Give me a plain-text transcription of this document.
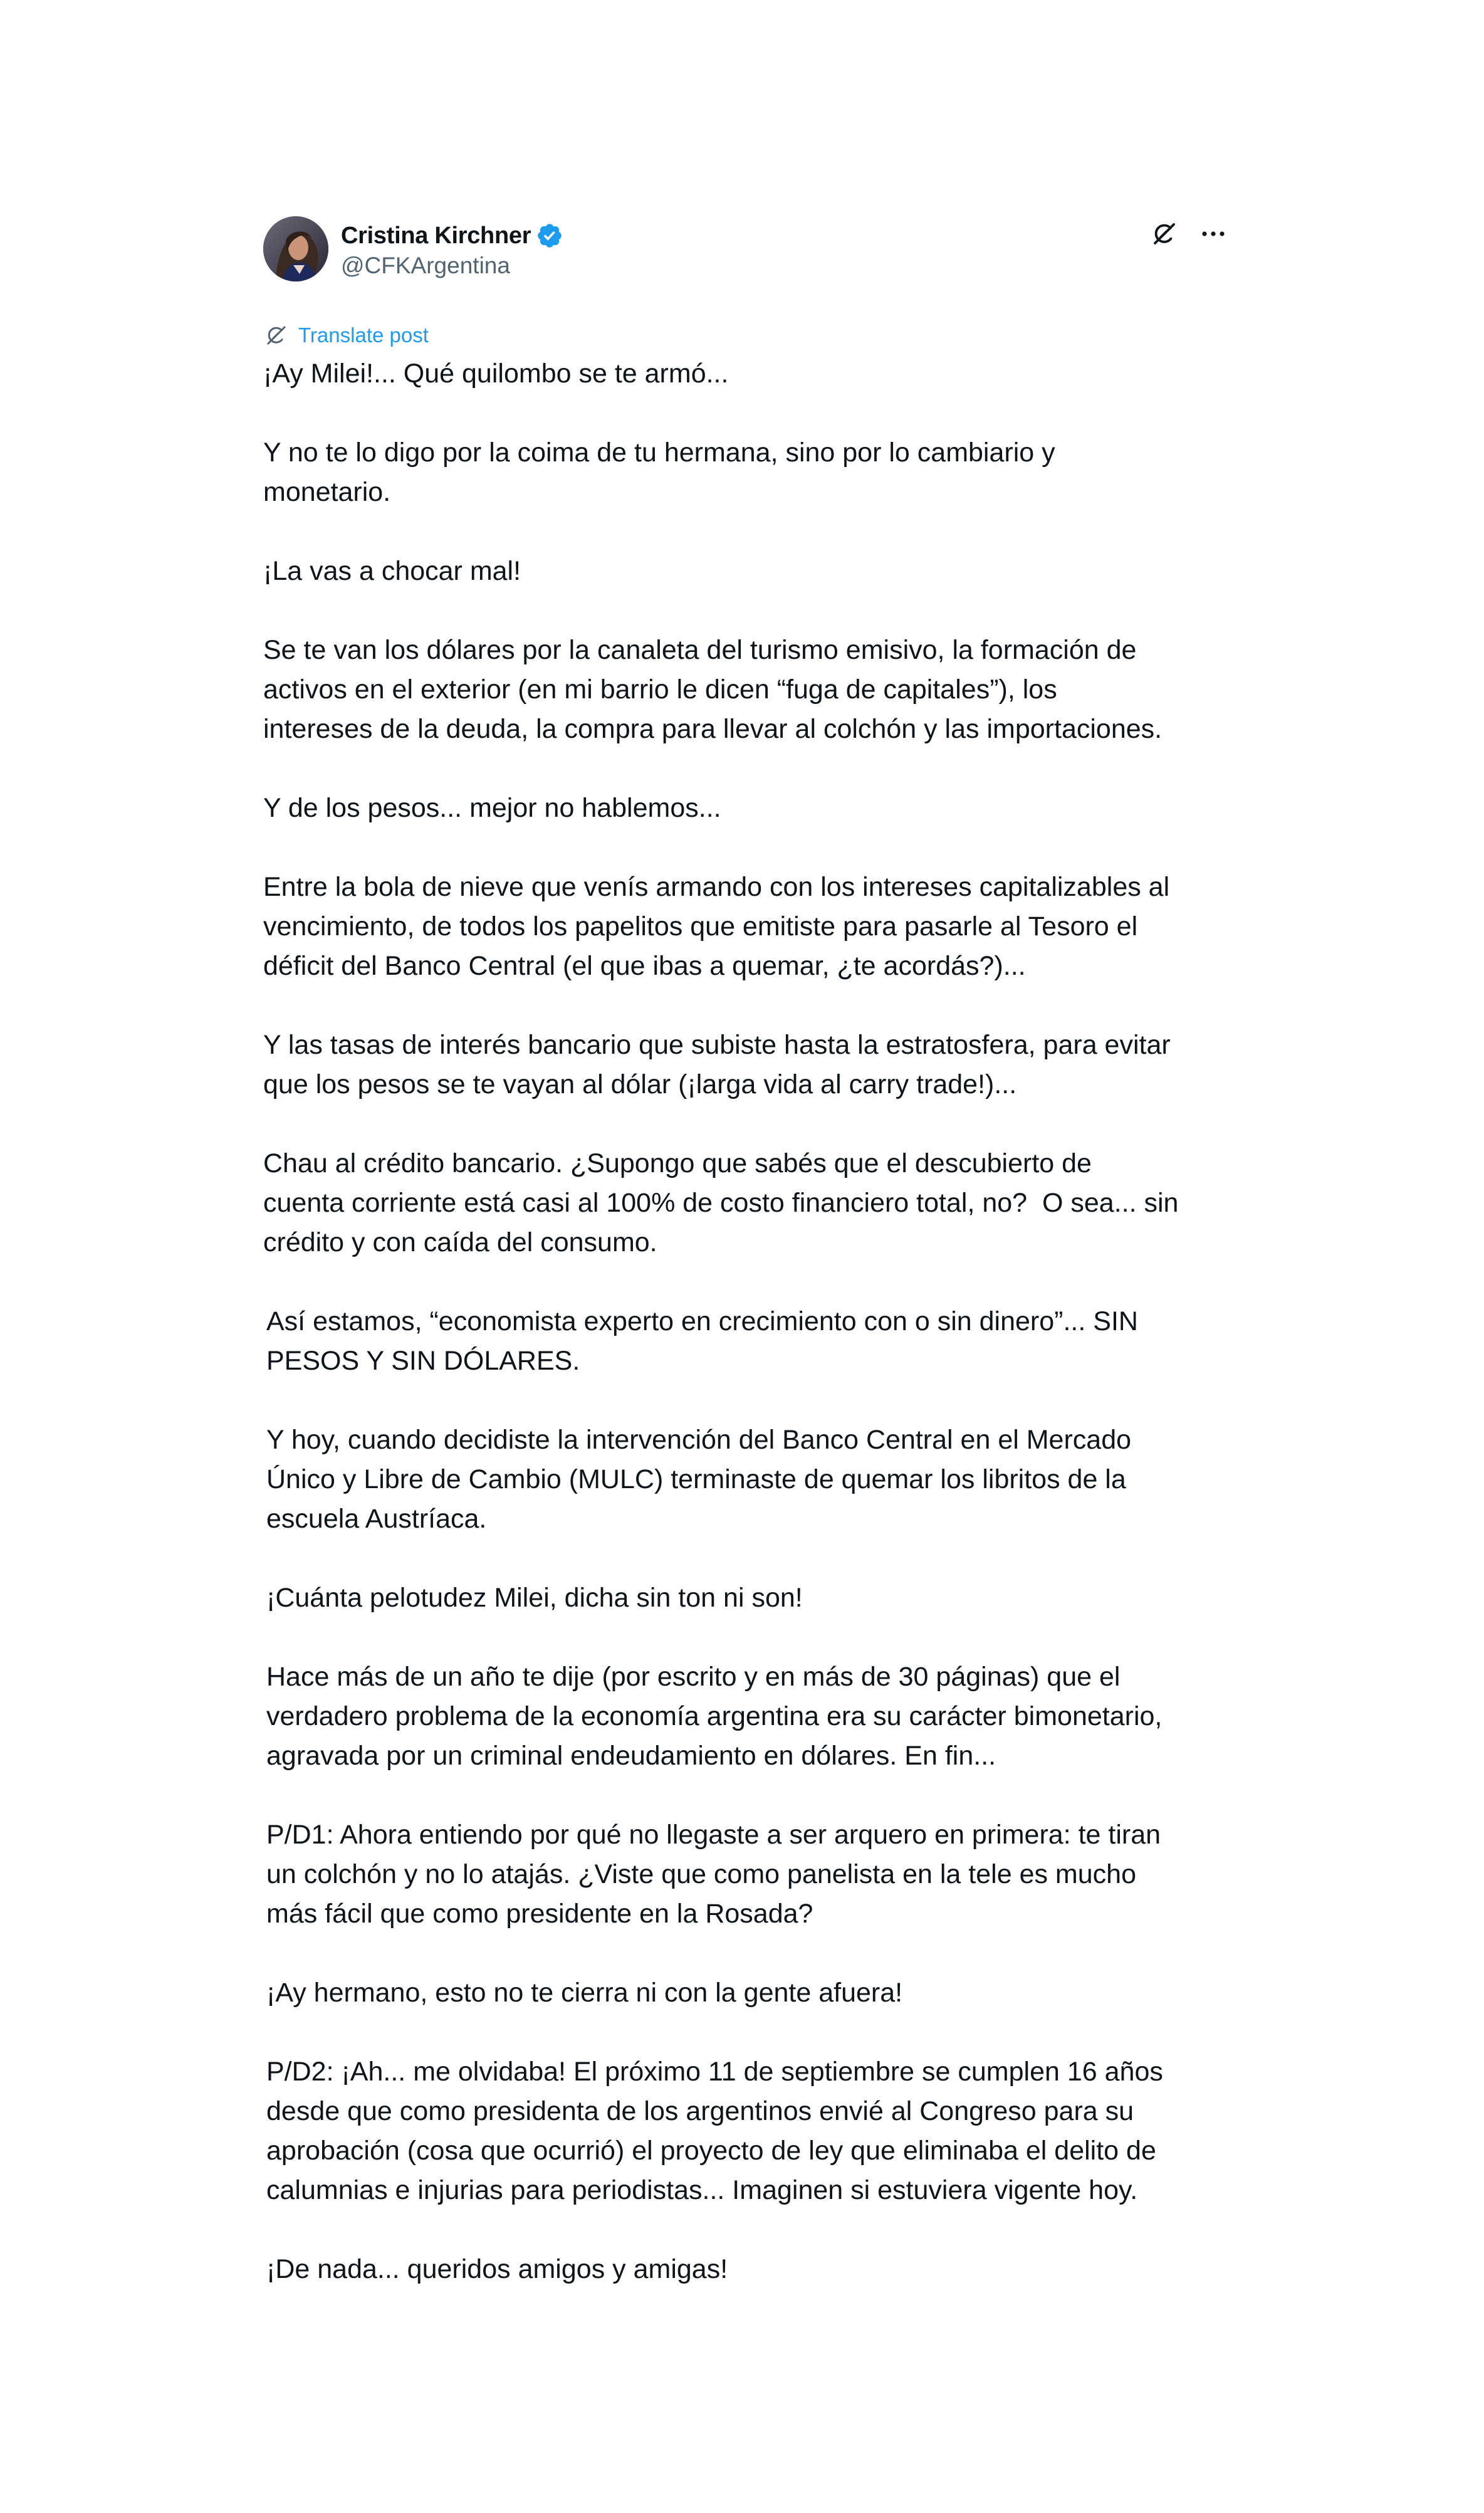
Cristina Kirchner
@CFKArgentina
Translate post

¡Ay Milei!... Qué quilombo se te armó...

Y no te lo digo por la coima de tu hermana, sino por lo cambiario y
monetario.

¡La vas a chocar mal!

Se te van los dólares por la canaleta del turismo emisivo, la formación de
activos en el exterior (en mi barrio le dicen “fuga de capitales”), los
intereses de la deuda, la compra para llevar al colchón y las importaciones.

Y de los pesos... mejor no hablemos...

Entre la bola de nieve que venís armando con los intereses capitalizables al
vencimiento, de todos los papelitos que emitiste para pasarle al Tesoro el
déficit del Banco Central (el que ibas a quemar, ¿te acordás?)...

Y las tasas de interés bancario que subiste hasta la estratosfera, para evitar
que los pesos se te vayan al dólar (¡larga vida al carry trade!)...

Chau al crédito bancario. ¿Supongo que sabés que el descubierto de
cuenta corriente está casi al 100% de costo financiero total, no?  O sea... sin
crédito y con caída del consumo.

Así estamos, “economista experto en crecimiento con o sin dinero”... SIN
PESOS Y SIN DÓLARES.

Y hoy, cuando decidiste la intervención del Banco Central en el Mercado
Único y Libre de Cambio (MULC) terminaste de quemar los libritos de la
escuela Austríaca.

¡Cuánta pelotudez Milei, dicha sin ton ni son!

Hace más de un año te dije (por escrito y en más de 30 páginas) que el
verdadero problema de la economía argentina era su carácter bimonetario,
agravada por un criminal endeudamiento en dólares. En fin...

P/D1: Ahora entiendo por qué no llegaste a ser arquero en primera: te tiran
un colchón y no lo atajás. ¿Viste que como panelista en la tele es mucho
más fácil que como presidente en la Rosada?

¡Ay hermano, esto no te cierra ni con la gente afuera!

P/D2: ¡Ah... me olvidaba! El próximo 11 de septiembre se cumplen 16 años
desde que como presidenta de los argentinos envié al Congreso para su
aprobación (cosa que ocurrió) el proyecto de ley que eliminaba el delito de
calumnias e injurias para periodistas... Imaginen si estuviera vigente hoy.

¡De nada... queridos amigos y amigas!
